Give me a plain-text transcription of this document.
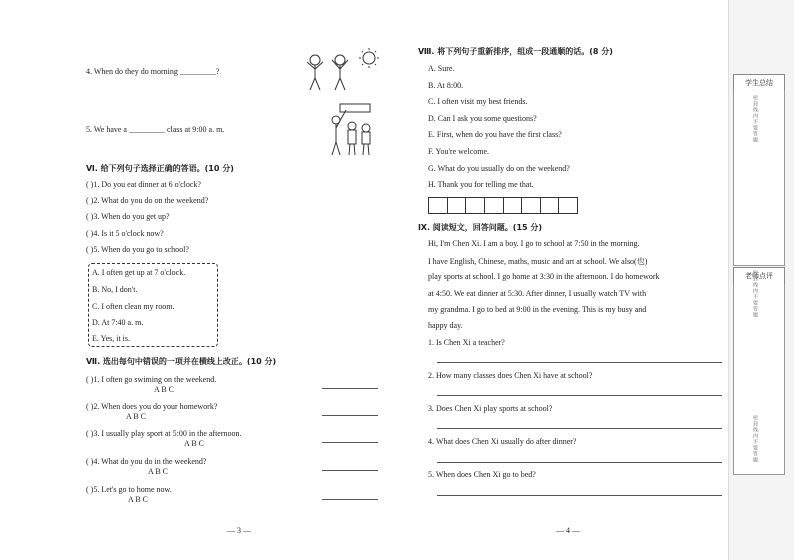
4. When do they do morning _________?
5. We have a _________ class at 9:00 a. m.
Ⅵ. 给下列句子选择正确的答语。(10 分)
( )1. Do you eat dinner at 6 o'clock?
( )2. What do you do on the weekend?
( )3. When do you get up?
( )4. Is it 5 o'clock now?
( )5. When do you go to school?
A. I often get up at 7 o'clock.
B. No, I don't.
C. I often clean my room.
D. At 7:40 a. m.
E. Yes, it is.
Ⅶ. 选出每句中错误的一项并在横线上改正。(10 分)
( )1. I often go swiming on the weekend.
A B C
( )2. When does you do your homework?
A B C
( )3. I usually play sport at 5:00 in the afternoon.
A B C
( )4. What do you do in the weekend?
A B C
( )5. Let's go to home now.
A B C
— 3 —
Ⅷ. 将下列句子重新排序，组成一段通顺的话。(8 分)
A. Sure.
B. At 8:00.
C. I often visit my best friends.
D. Can I ask you some questions?
E. First, when do you have the first class?
F. You're welcome.
G. What do you usually do on the weekend?
H. Thank you for telling me that.
Ⅸ. 阅读短文，回答问题。(15 分)
Hi, I'm Chen Xi. I am a boy. I go to school at 7:50 in the morning.
I have English, Chinese, maths, music and art at school. We also(也)
play sports at school. I go home at 3:30 in the afternoon. I do homework
at 4:50. We eat dinner at 5:30. After dinner, I usually watch TV with
my grandma. I go to bed at 9:00 in the evening. This is my busy and
happy day.
1. Is Chen Xi a teacher?
2. How many classes does Chen Xi have at school?
3. Does Chen Xi play sports at school?
4. What does Chen Xi usually do after dinner?
5. When does Chen Xi go to bed?
— 4 —
学生总结
老师点评
密封线内不要答题
密封线内不要答题
密封线内不要答题
